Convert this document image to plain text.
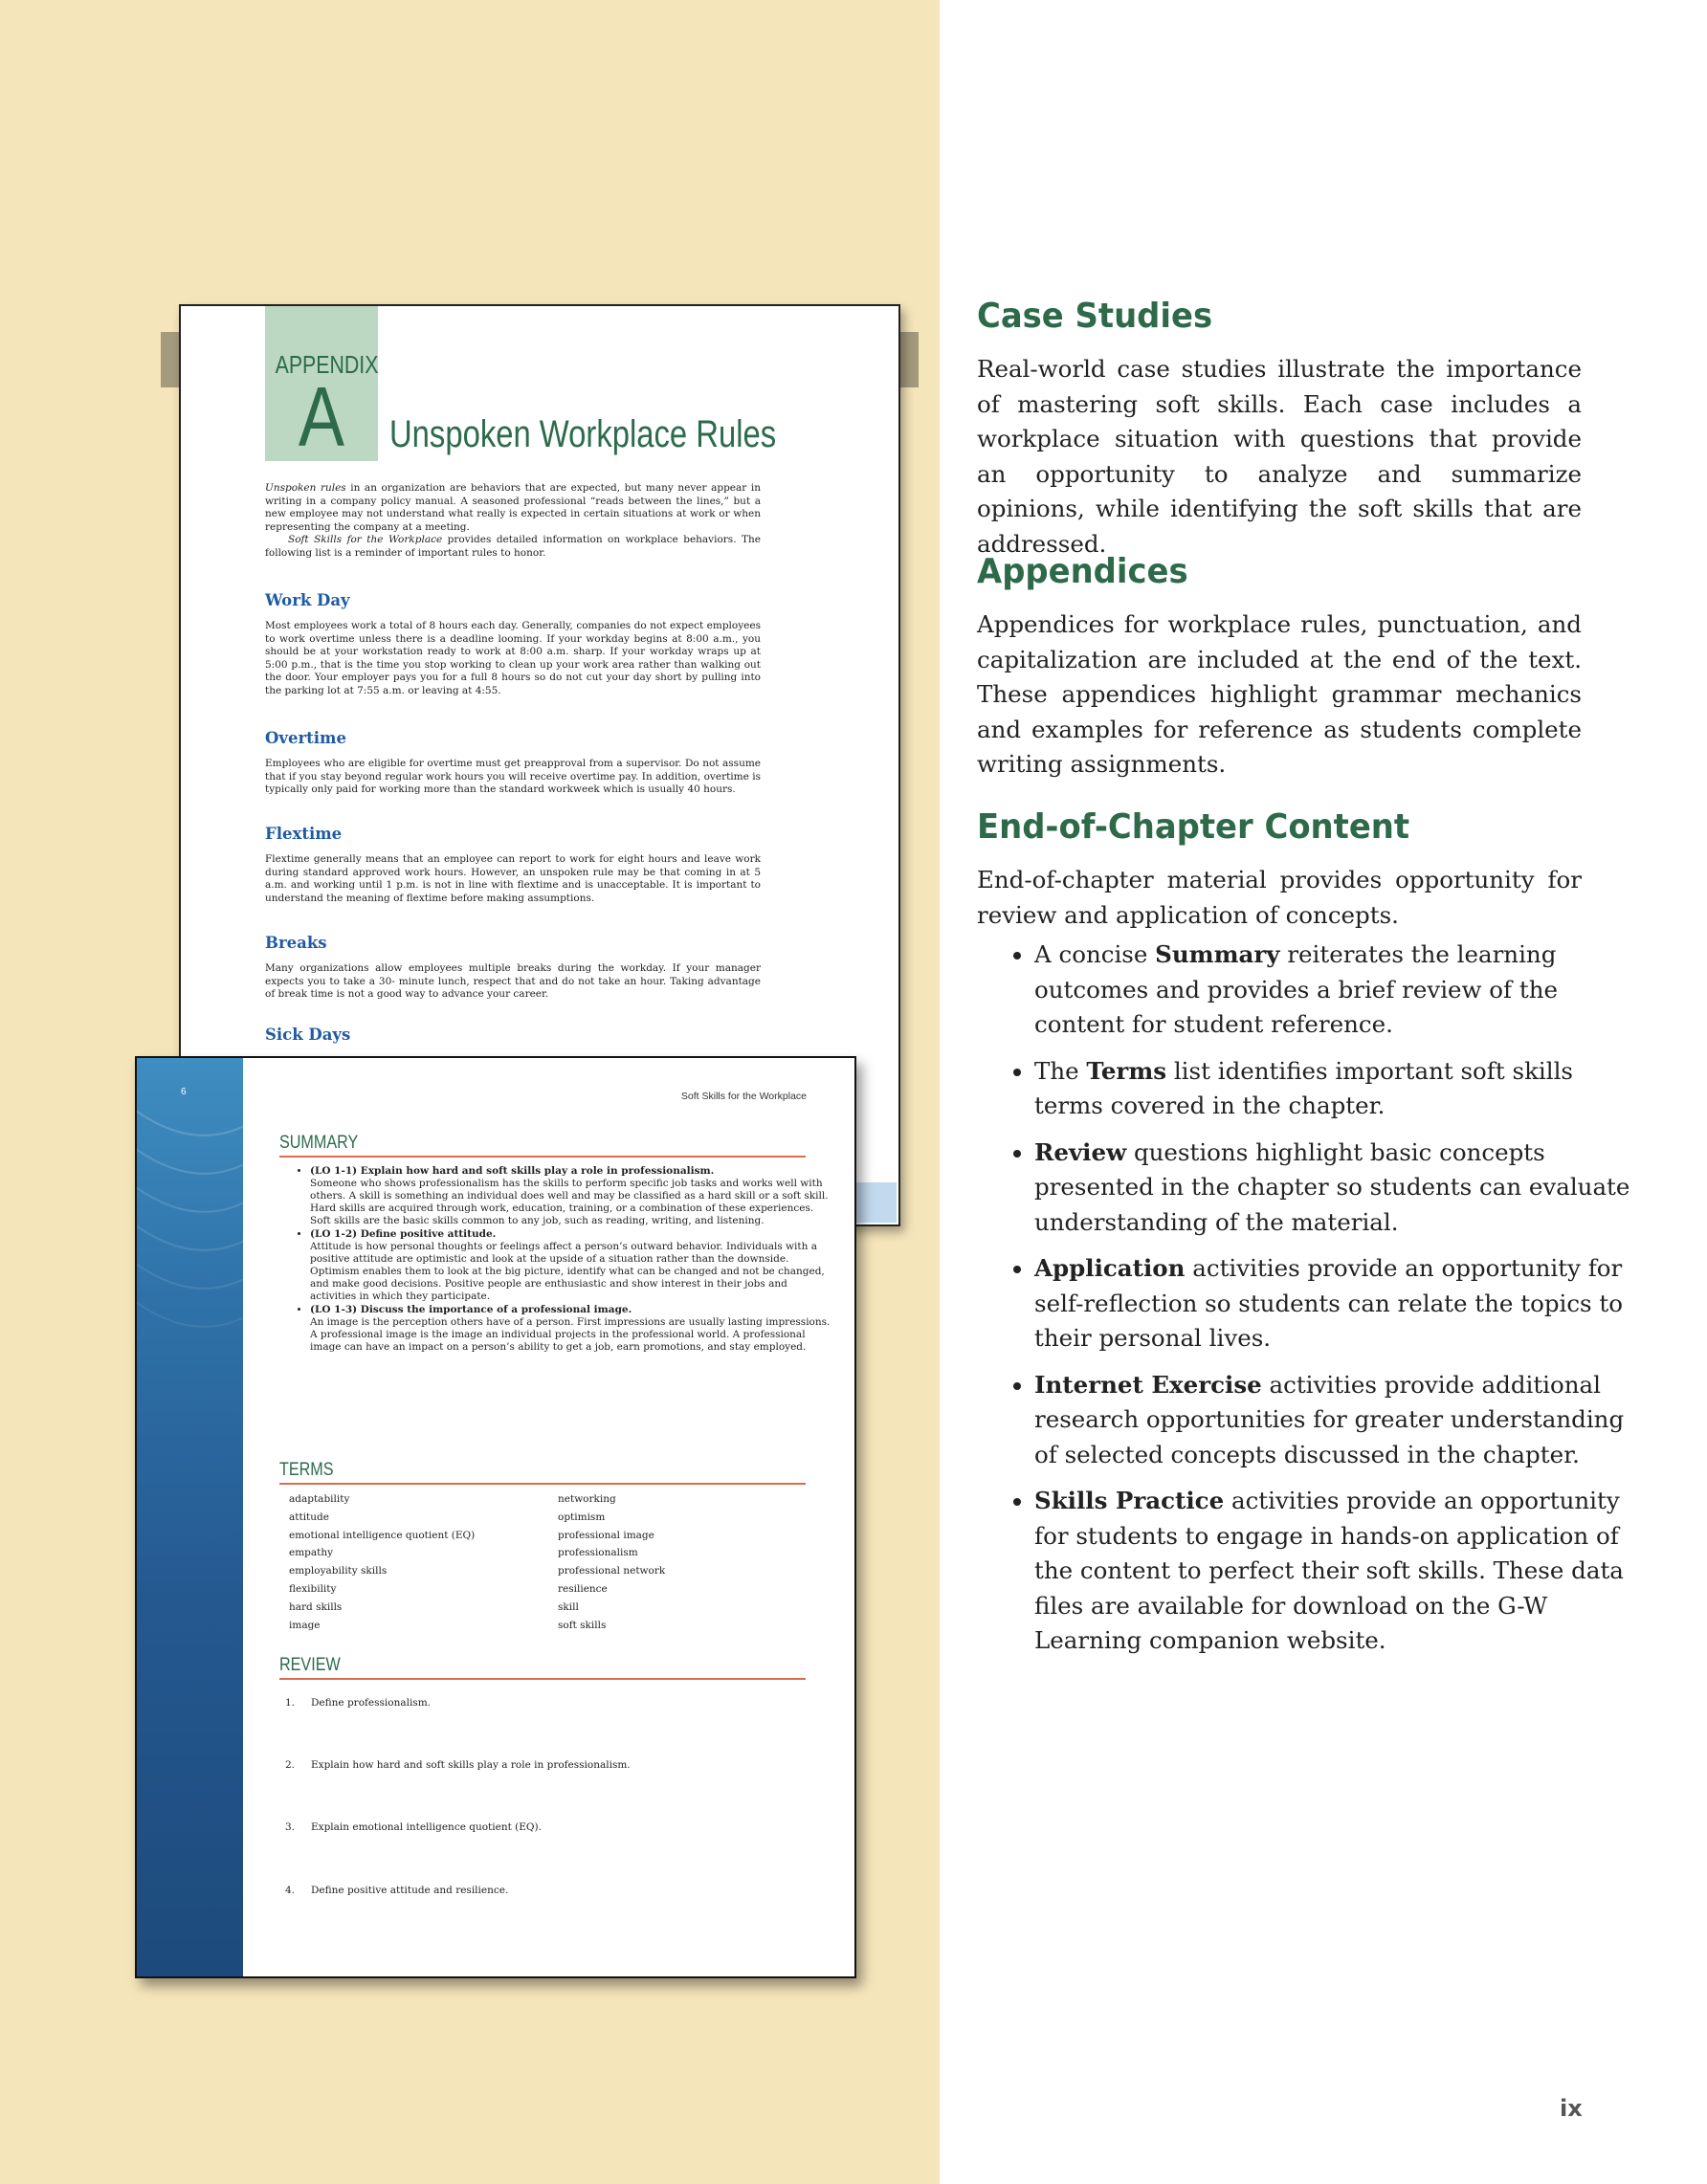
APPENDIX
A	Unspoken Workplace Rules
Unspoken rules in an organization are behaviors that are expected, but many never appear in writing in a company policy manual. A seasoned professional “reads between the lines,” but a new employee may not understand what really is expected in certain situations at work or when representing the company at a meeting.
Soft Skills for the Workplace provides detailed information on workplace behaviors. The following list is a reminder of important rules to honor.
Work Day
Most employees work a total of 8 hours each day. Generally, companies do not expect employees to work overtime unless there is a deadline looming. If your workday begins at 8:00 a.m., you should be at your workstation ready to work at 8:00 a.m. sharp. If your workday wraps up at 5:00 p.m., that is the time you stop working to clean up your work area rather than walking out the door. Your employer pays you for a full 8 hours so do not cut your day short by pulling into the parking lot at 7:55 a.m. or leaving at 4:55.
Overtime
Employees who are eligible for overtime must get preapproval from a supervisor. Do not assume that if you stay beyond regular work hours you will receive overtime pay. In addition, overtime is typically only paid for working more than the standard workweek which is usually 40 hours.
Flextime
Flextime generally means that an employee can report to work for eight hours and leave work during standard approved work hours. However, an unspoken rule may be that coming in at 5 a.m. and working until 1 p.m. is not in line with flextime and is unacceptable. It is important to understand the meaning of flextime before making assumptions.
Breaks
Many organizations allow employees multiple breaks during the workday. If your manager expects you to take a 30- minute lunch, respect that and do not take an hour. Taking advantage of break time is not a good way to advance your career.
Sick Days
6	Soft Skills for the Workplace
SUMMARY
• (LO 1-1) Explain how hard and soft skills play a role in professionalism.
Someone who shows professionalism has the skills to perform specific job tasks and works well with others. A skill is something an individual does well and may be classified as a hard skill or a soft skill. Hard skills are acquired through work, education, training, or a combination of these experiences. Soft skills are the basic skills common to any job, such as reading, writing, and listening.
• (LO 1-2) Define positive attitude.
Attitude is how personal thoughts or feelings affect a person’s outward behavior. Individuals with a positive attitude are optimistic and look at the upside of a situation rather than the downside. Optimism enables them to look at the big picture, identify what can be changed and not be changed, and make good decisions. Positive people are enthusiastic and show interest in their jobs and activities in which they participate.
• (LO 1-3) Discuss the importance of a professional image.
An image is the perception others have of a person. First impressions are usually lasting impressions. A professional image is the image an individual projects in the professional world. A professional image can have an impact on a person’s ability to get a job, earn promotions, and stay employed.
TERMS
adaptability
attitude
emotional intelligence quotient (EQ)
empathy
employability skills
flexibility
hard skills
image
networking
optimism
professional image
professionalism
professional network
resilience
skill
soft skills
REVIEW
1. Define professionalism.
2. Explain how hard and soft skills play a role in professionalism.
3. Explain emotional intelligence quotient (EQ).
4. Define positive attitude and resilience.
Case Studies

Real-world case studies illustrate the importance of mastering soft skills. Each case includes a workplace situation with questions that provide an opportunity to analyze and summarize opinions, while identifying the soft skills that are addressed.

Appendices

Appendices for workplace rules, punctuation, and capitalization are included at the end of the text. These appendices highlight grammar mechanics and examples for reference as students complete writing assignments.

End-of-Chapter Content

End-of-chapter material provides opportunity for review and application of concepts.

• A concise Summary reiterates the learning outcomes and provides a brief review of the content for student reference.
• The Terms list identifies important soft skills terms covered in the chapter.
• Review questions highlight basic concepts presented in the chapter so students can evaluate understanding of the material.
• Application activities provide an opportunity for self-reflection so students can relate the topics to their personal lives.
• Internet Exercise activities provide additional research opportunities for greater understanding of selected concepts discussed in the chapter.
• Skills Practice activities provide an opportunity for students to engage in hands-on application of the content to perfect their soft skills. These data files are available for download on the G-W Learning companion website.
ix
